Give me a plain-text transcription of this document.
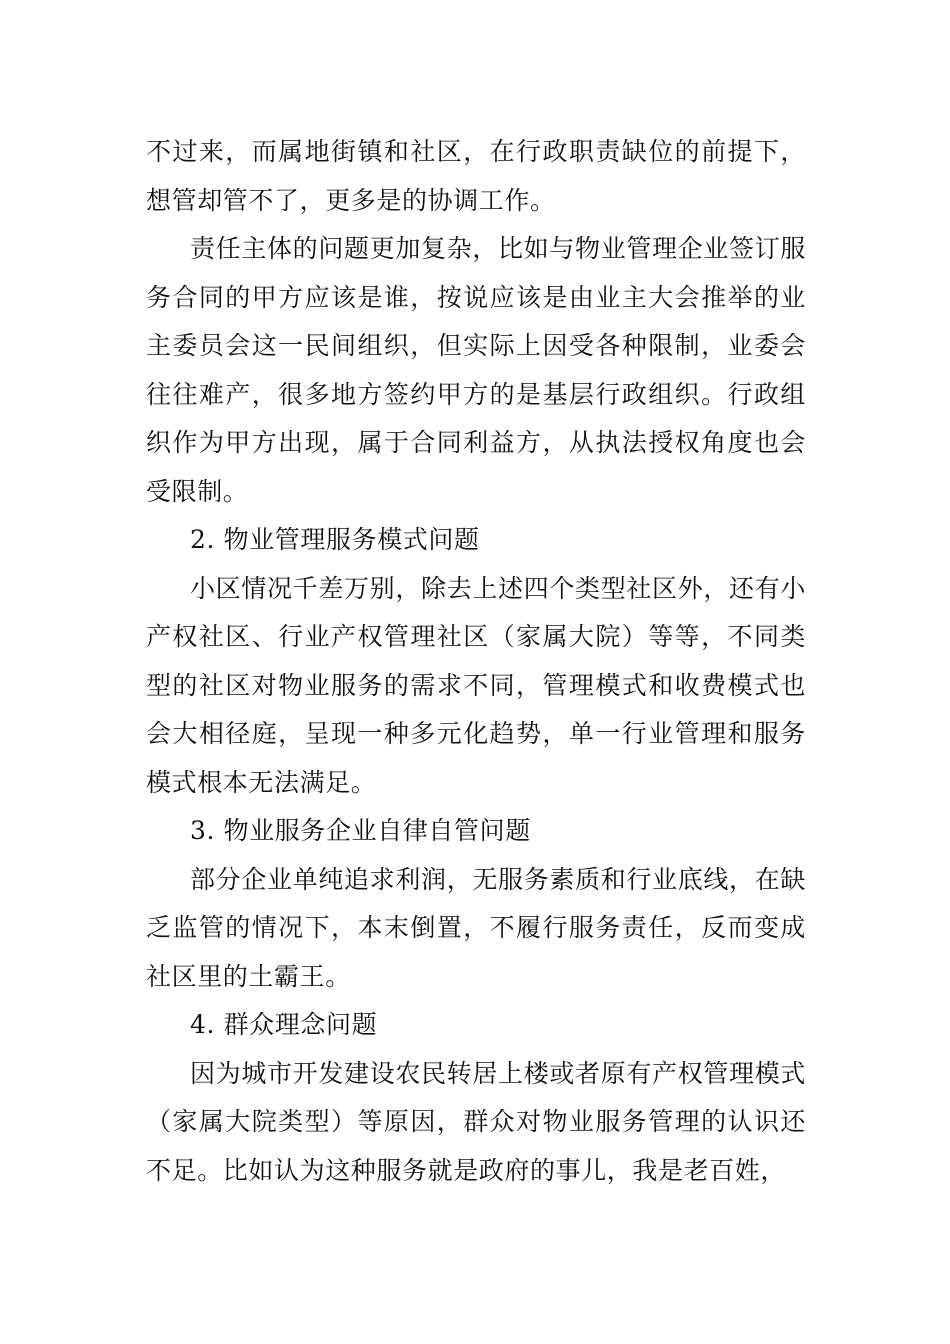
不过来，而属地街镇和社区，在行政职责缺位的前提下，想管却管不了，更多是的协调工作。

责任主体的问题更加复杂，比如与物业管理企业签订服务合同的甲方应该是谁，按说应该是由业主大会推举的业主委员会这一民间组织，但实际上因受各种限制，业委会往往难产，很多地方签约甲方的是基层行政组织。行政组织作为甲方出现，属于合同利益方，从执法授权角度也会受限制。

2. 物业管理服务模式问题

小区情况千差万别，除去上述四个类型社区外，还有小产权社区、行业产权管理社区（家属大院）等等，不同类型的社区对物业服务的需求不同，管理模式和收费模式也会大相径庭，呈现一种多元化趋势，单一行业管理和服务模式根本无法满足。

3. 物业服务企业自律自管问题

部分企业单纯追求利润，无服务素质和行业底线，在缺乏监管的情况下，本末倒置，不履行服务责任，反而变成社区里的土霸王。

4. 群众理念问题

因为城市开发建设农民转居上楼或者原有产权管理模式（家属大院类型）等原因，群众对物业服务管理的认识还不足。比如认为这种服务就是政府的事儿，我是老百姓，
